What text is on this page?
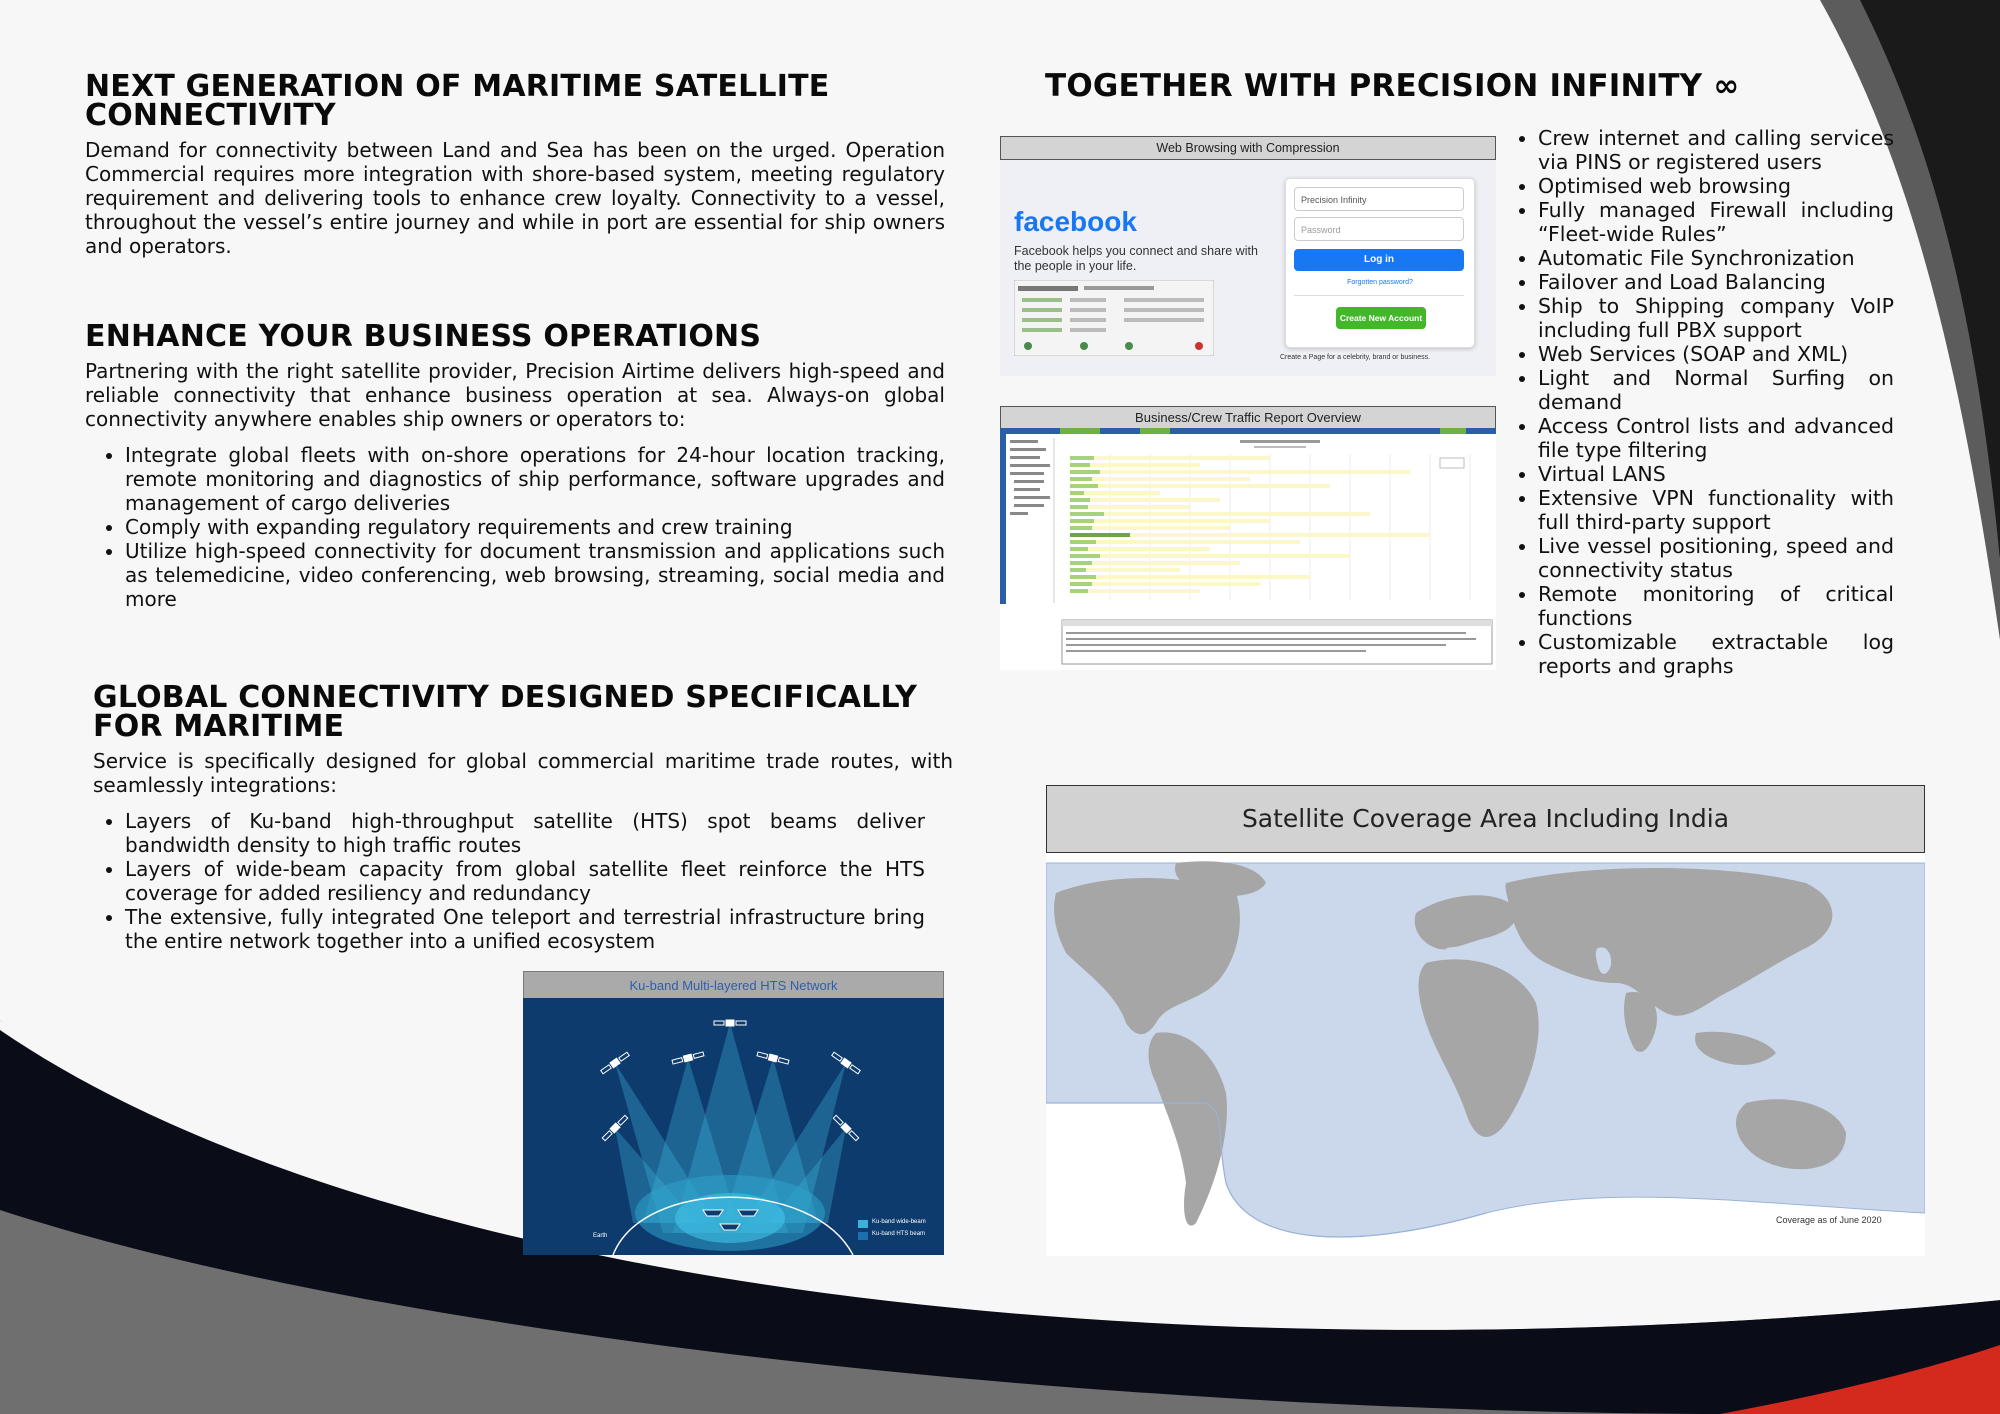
NEXT GENERATION OF MARITIME SATELLITE CONNECTIVITY

Demand for connectivity between Land and Sea has been on the urged. Operation Commercial requires more integration with shore-based system, meeting regulatory requirement and delivering tools to enhance crew loyalty. Connectivity to a vessel, throughout the vessel’s entire journey and while in port are essential for ship owners and operators.

ENHANCE YOUR BUSINESS OPERATIONS

Partnering with the right satellite provider, Precision Airtime delivers high-speed and reliable connectivity that enhance business operation at sea. Always-on global connectivity anywhere enables ship owners or operators to:

• Integrate global fleets with on-shore operations for 24-hour location tracking, remote monitoring and diagnostics of ship performance, software upgrades and management of cargo deliveries
• Comply with expanding regulatory requirements and crew training
• Utilize high-speed connectivity for document transmission and applications such as telemedicine, video conferencing, web browsing, streaming, social media and more
GLOBAL CONNECTIVITY DESIGNED SPECIFICALLY FOR MARITIME

Service is specifically designed for global commercial maritime trade routes, with seamlessly integrations:

• Layers of Ku-band high-throughput satellite (HTS) spot beams deliver bandwidth density to high traffic routes
• Layers of wide-beam capacity from global satellite fleet reinforce the HTS coverage for added resiliency and redundancy
• The extensive, fully integrated One teleport and terrestrial infrastructure bring the entire network together into a unified ecosystem
TOGETHER WITH PRECISION INFINITY ∞
• Crew internet and calling services via PINS or registered users
• Optimised web browsing
• Fully managed Firewall including “Fleet-wide Rules”
• Automatic File Synchronization
• Failover and Load Balancing
• Ship to Shipping company VoIP including full PBX support
• Web Services (SOAP and XML)
• Light and Normal Surfing on demand
• Access Control lists and advanced file type filtering
• Virtual LANS
• Extensive VPN functionality with full third-party support
• Live vessel positioning, speed and connectivity status
• Remote monitoring of critical functions
• Customizable extractable log reports and graphs
Web Browsing with Compression
facebook
Facebook helps you connect and share with the people in your life.
Precision Infinity
Password
Log in
Forgotten password?
Create New Account
Create a Page for a celebrity, brand or business.
Business/Crew Traffic Report Overview
Ku-band Multi-layered HTS Network
Ku-band wide-beam
Ku-band HTS beam
Earth
Satellite Coverage Area Including India
Coverage as of June 2020
